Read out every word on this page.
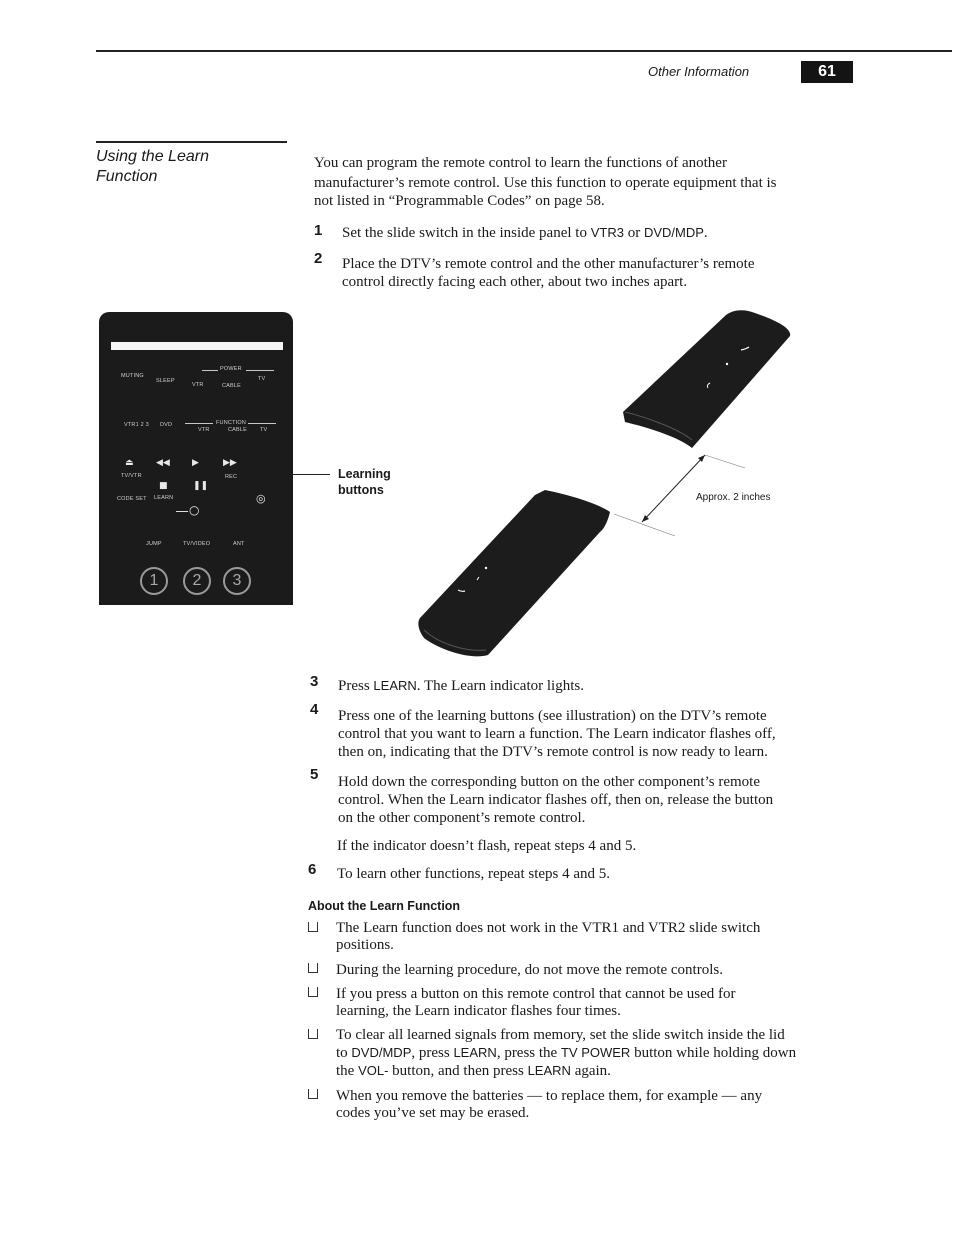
Other Information	61
Using the Learn
Function
You can program the remote control to learn the functions of another
manufacturer’s remote control. Use this function to operate equipment that is
not listed in “Programmable Codes” on page 58.
1 Set the slide switch in the inside panel to VTR3 or DVD/MDP.
2 Place the DTV’s remote control and the other manufacturer’s remote
control directly facing each other, about two inches apart.
MUTING
POWER
SLEEP
VTR	CABLE
TV
VTR1 2 3 DVD	FUNCTION
VTR	CABLE TV
⏏ ◀◀ ▶	▶▶
TV/VTR	REC
■	❚❚
CODE SET LEARN	◎
○
JUMP	TV/VIDEO	ANT
1	2	3
Learning
buttons
Approx. 2 inches
3 Press LEARN. The Learn indicator lights.
4 Press one of the learning buttons (see illustration) on the DTV’s remote
control that you want to learn a function. The Learn indicator flashes off,
then on, indicating that the DTV’s remote control is now ready to learn.
5 Hold down the corresponding button on the other component’s remote
control. When the Learn indicator flashes off, then on, release the button
on the other component’s remote control.
If the indicator doesn’t flash, repeat steps 4 and 5.
6 To learn other functions, repeat steps 4 and 5.
About the Learn Function
The Learn function does not work in the VTR1 and VTR2 slide switch
positions.
During the learning procedure, do not move the remote controls.
If you press a button on this remote control that cannot be used for
learning, the Learn indicator flashes four times.
To clear all learned signals from memory, set the slide switch inside the lid
to DVD/MDP, press LEARN, press the TV POWER button while holding down
the VOL- button, and then press LEARN again.
When you remove the batteries — to replace them, for example — any
codes you’ve set may be erased.
